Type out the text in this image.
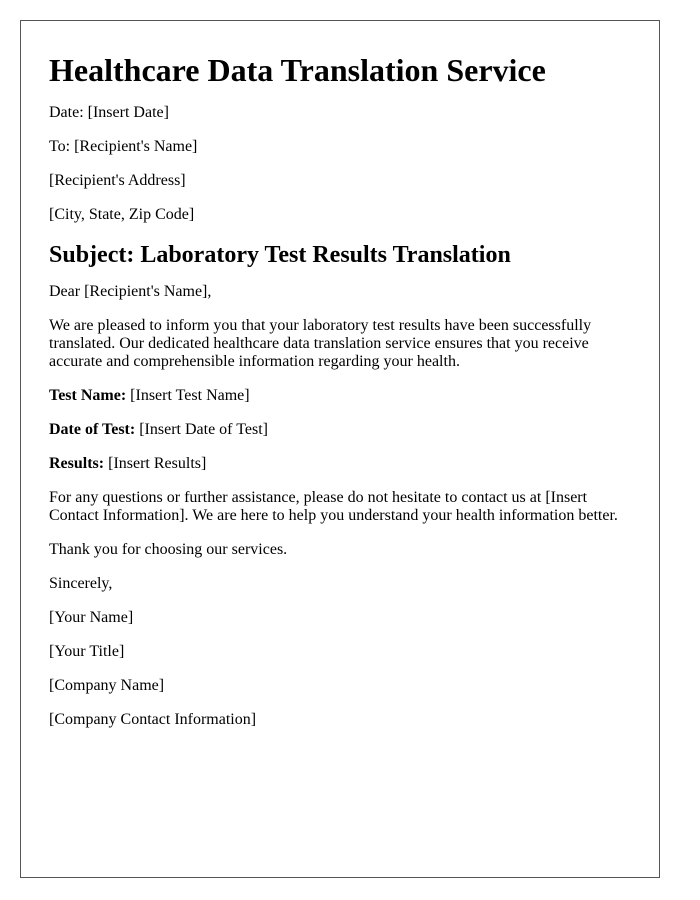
Healthcare Data Translation Service

Date: [Insert Date]

To: [Recipient's Name]

[Recipient's Address]

[City, State, Zip Code]

Subject: Laboratory Test Results Translation

Dear [Recipient's Name],

We are pleased to inform you that your laboratory test results have been successfully translated. Our dedicated healthcare data translation service ensures that you receive accurate and comprehensible information regarding your health.

Test Name: [Insert Test Name]

Date of Test: [Insert Date of Test]

Results: [Insert Results]

For any questions or further assistance, please do not hesitate to contact us at [Insert Contact Information]. We are here to help you understand your health information better.

Thank you for choosing our services.

Sincerely,

[Your Name]

[Your Title]

[Company Name]

[Company Contact Information]
